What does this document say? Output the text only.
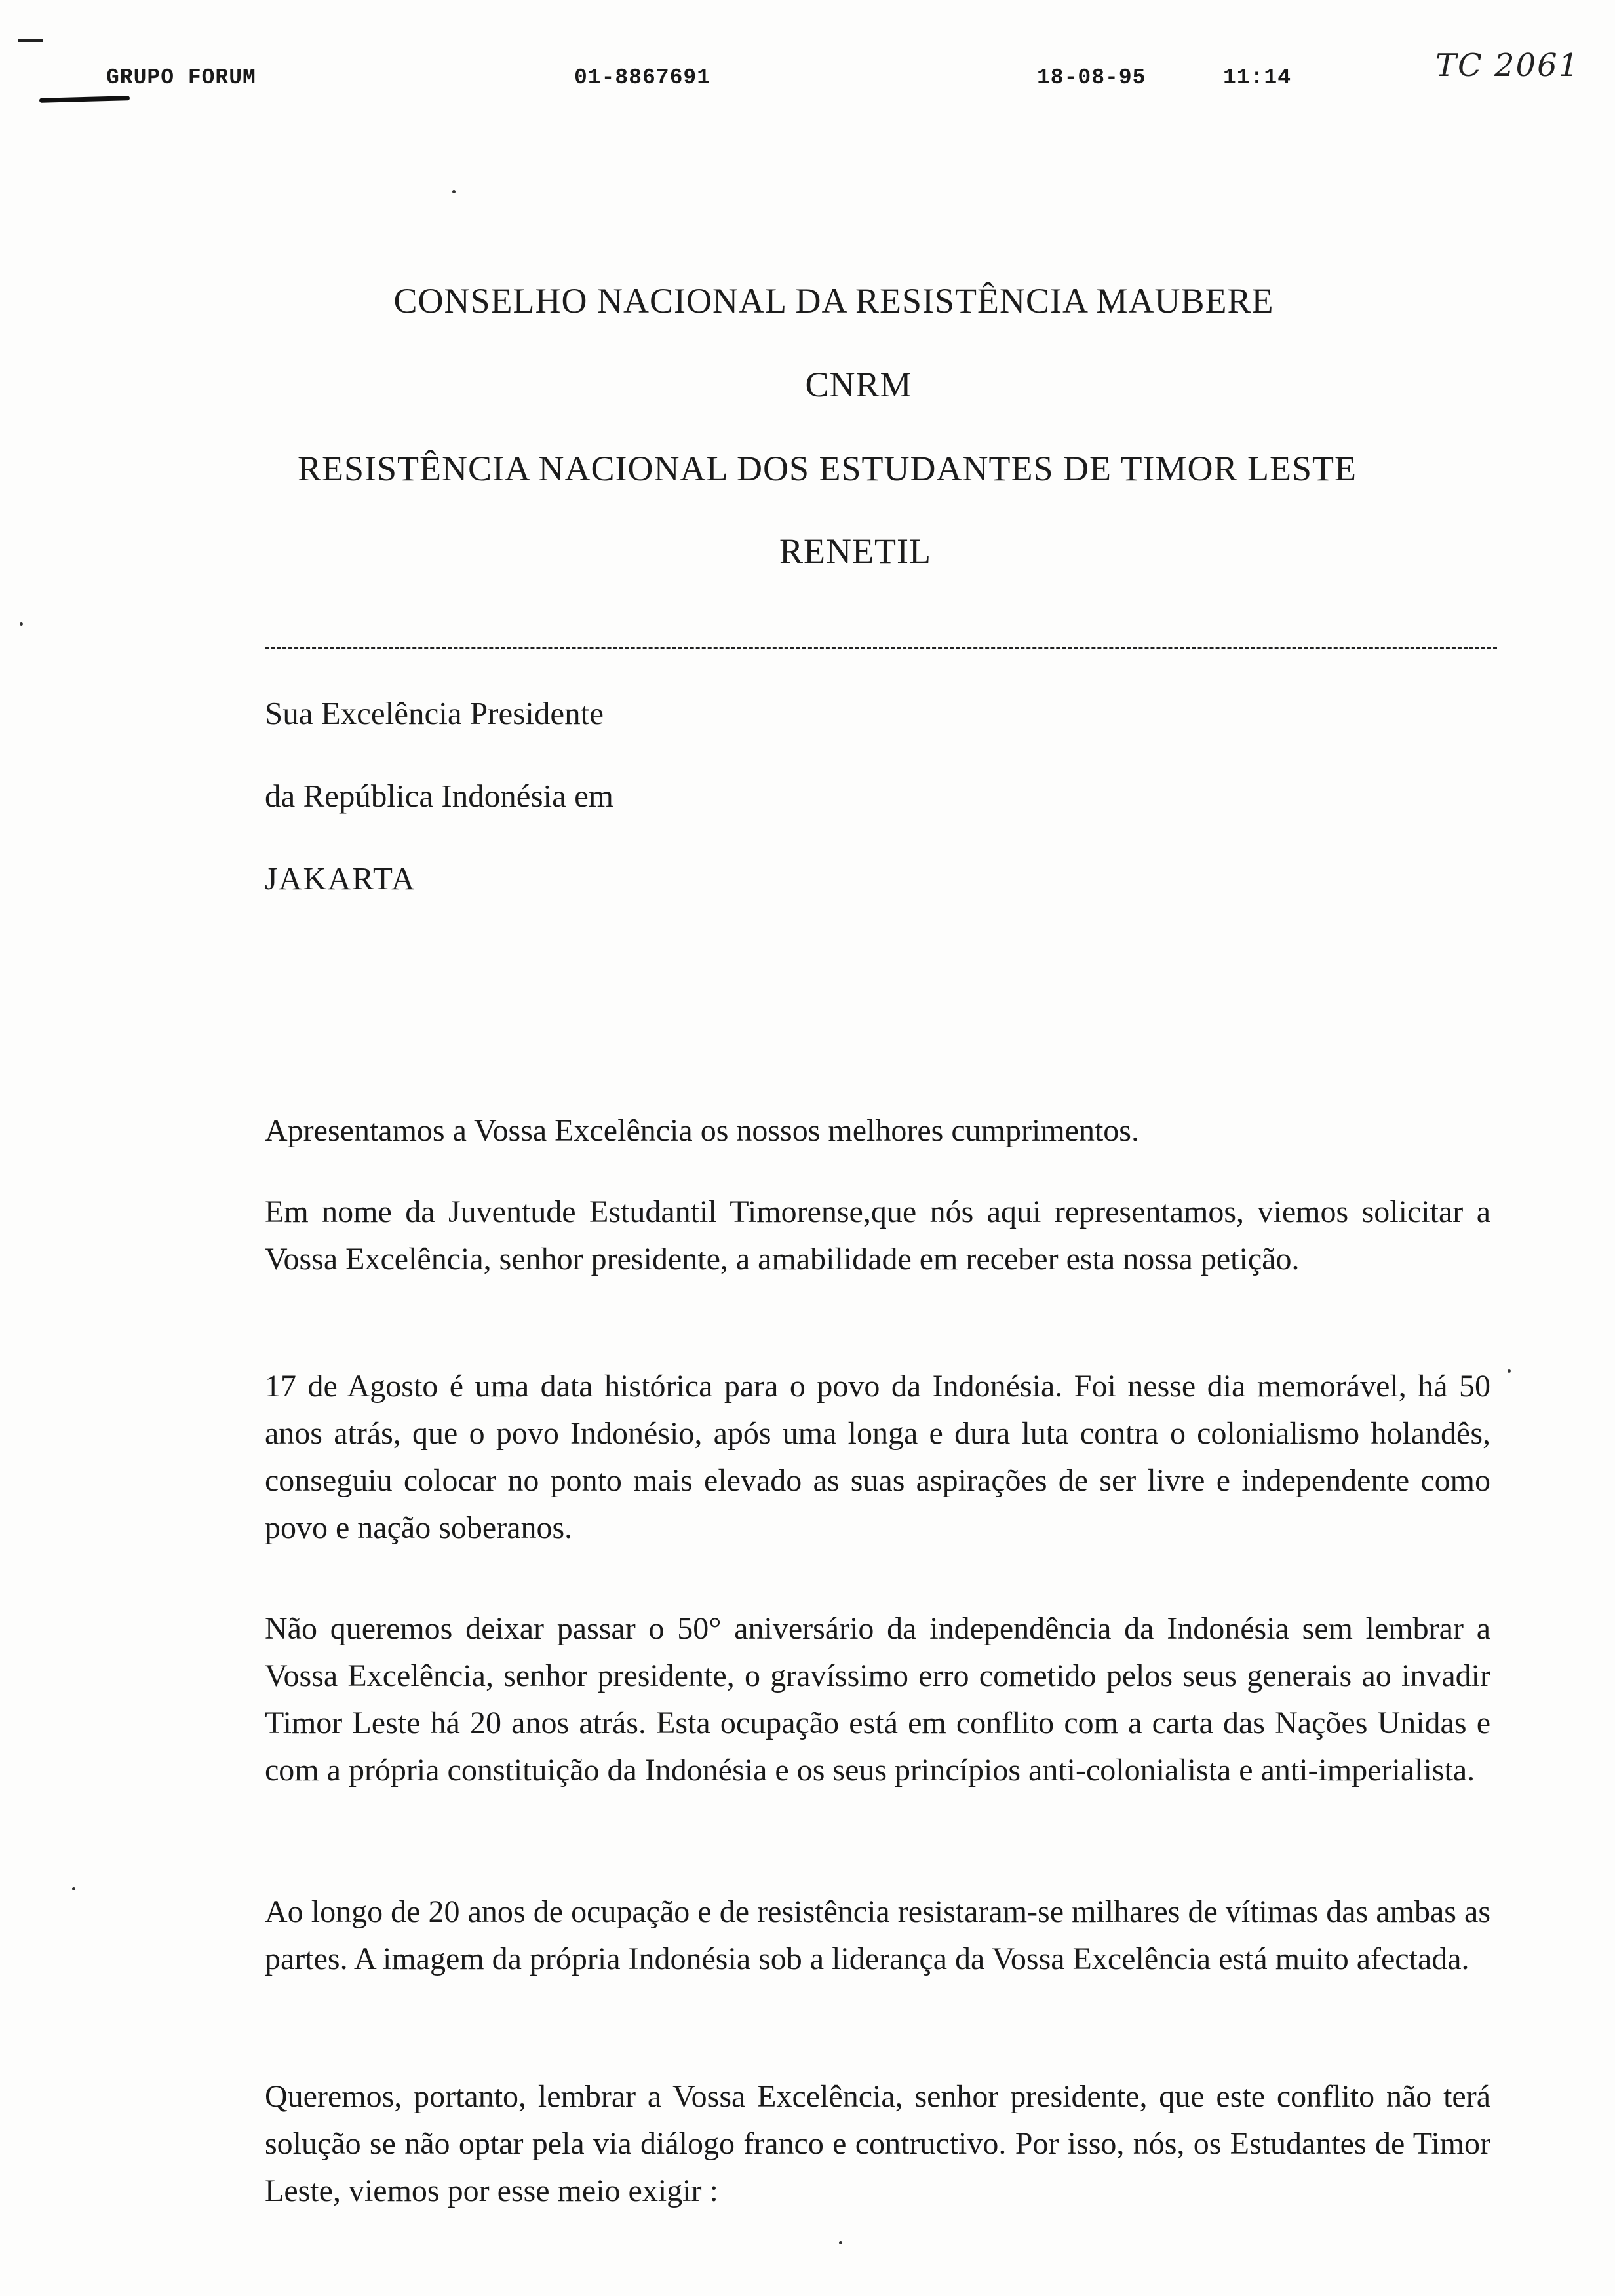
GRUPO FORUM	01-8867691	18-08-95	11:14	TC 2061
CONSELHO NACIONAL DA RESISTÊNCIA MAUBERE
CNRM
RESISTÊNCIA NACIONAL DOS ESTUDANTES DE TIMOR LESTE
RENETIL
Sua Excelência Presidente
da República Indonésia em
JAKARTA

Apresentamos a Vossa Excelência os nossos melhores cumprimentos.

Em nome da Juventude Estudantil Timorense,que nós aqui representamos, viemos solicitar a Vossa Excelência, senhor presidente, a amabilidade em receber esta nossa petição.

17 de Agosto é uma data histórica para o povo da Indonésia. Foi nesse dia memorável, há 50 anos atrás, que o povo Indonésio, após uma longa e dura luta contra o colonialismo holandês, conseguiu colocar no ponto mais elevado as suas aspirações de ser livre e independente como povo e nação soberanos.

Não queremos deixar passar o 50° aniversário da independência da Indonésia sem lembrar a Vossa Excelência, senhor presidente, o gravíssimo erro cometido pelos seus generais ao invadir Timor Leste há 20 anos atrás. Esta ocupação está em conflito com a carta das Nações Unidas e com a própria constituição da Indonésia e os seus princípios anti-colonialista e anti-imperialista.

Ao longo de 20 anos de ocupação e de resistência resistaram-se milhares de vítimas das ambas as partes. A imagem da própria Indonésia sob a liderança da Vossa Excelência está muito afectada.

Queremos, portanto, lembrar a Vossa Excelência, senhor presidente, que este conflito não terá solução se não optar pela via diálogo franco e contructivo. Por isso, nós, os Estudantes de Timor Leste, viemos por esse meio exigir :
